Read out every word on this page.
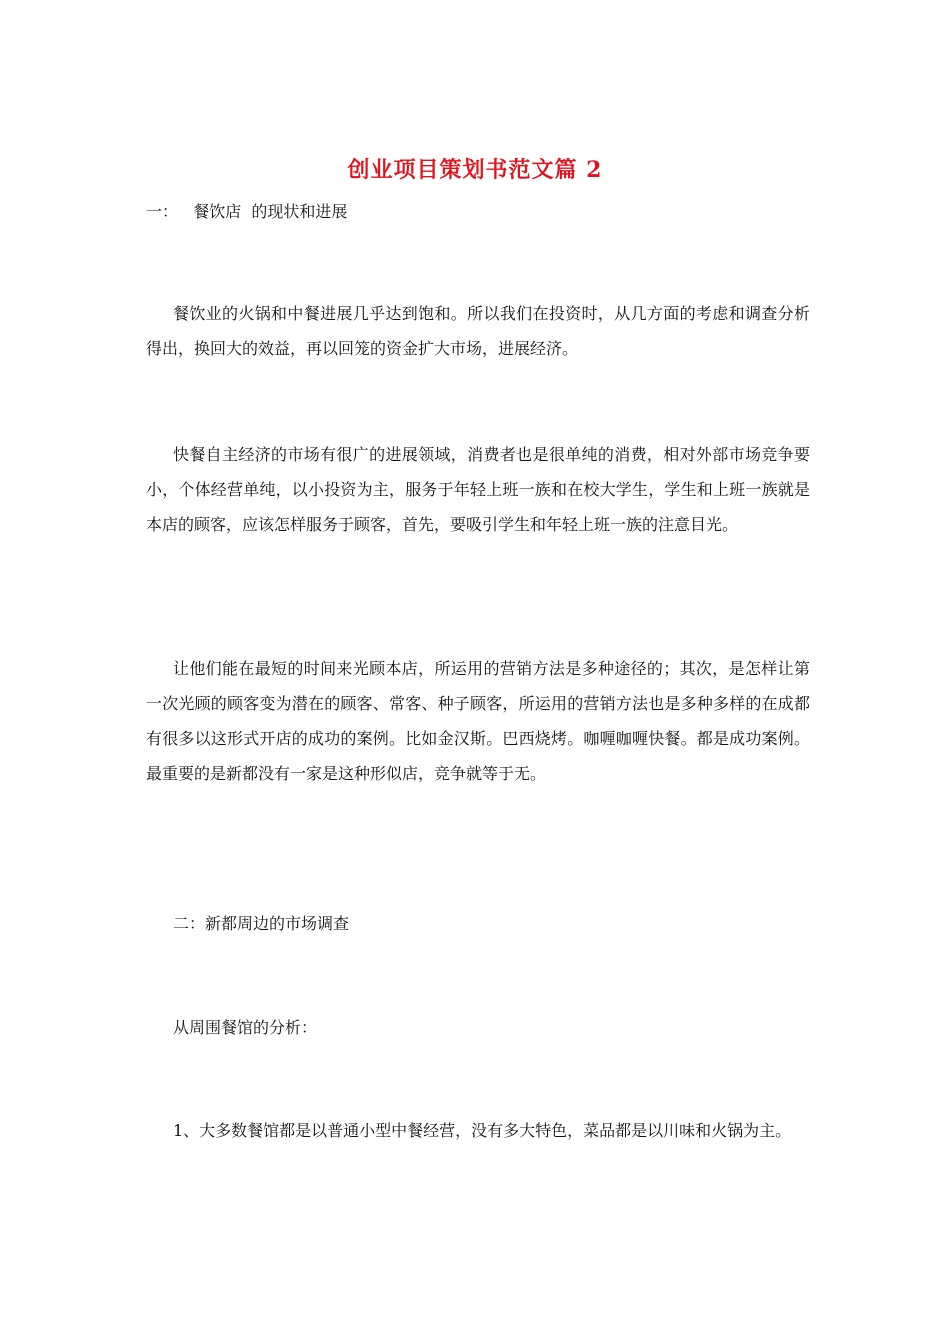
创业项目策划书范文篇 2
一：   餐饮店  的现状和进展
餐饮业的火锅和中餐进展几乎达到饱和。所以我们在投资时，从几方面的考虑和调查分析得出，换回大的效益，再以回笼的资金扩大市场，进展经济。
快餐自主经济的市场有很广的进展领域，消费者也是很单纯的消费，相对外部市场竞争要小，个体经营单纯，以小投资为主，服务于年轻上班一族和在校大学生，学生和上班一族就是本店的顾客，应该怎样服务于顾客，首先，要吸引学生和年轻上班一族的注意目光。
让他们能在最短的时间来光顾本店，所运用的营销方法是多种途径的；其次，是怎样让第一次光顾的顾客变为潜在的顾客、常客、种子顾客，所运用的营销方法也是多种多样的在成都有很多以这形式开店的成功的案例。比如金汉斯。巴西烧烤。咖喱咖喱快餐。都是成功案例。最重要的是新都没有一家是这种形似店，竞争就等于无。
二：新都周边的市场调查
从周围餐馆的分析：
1、大多数餐馆都是以普通小型中餐经营，没有多大特色，菜品都是以川味和火锅为主。
